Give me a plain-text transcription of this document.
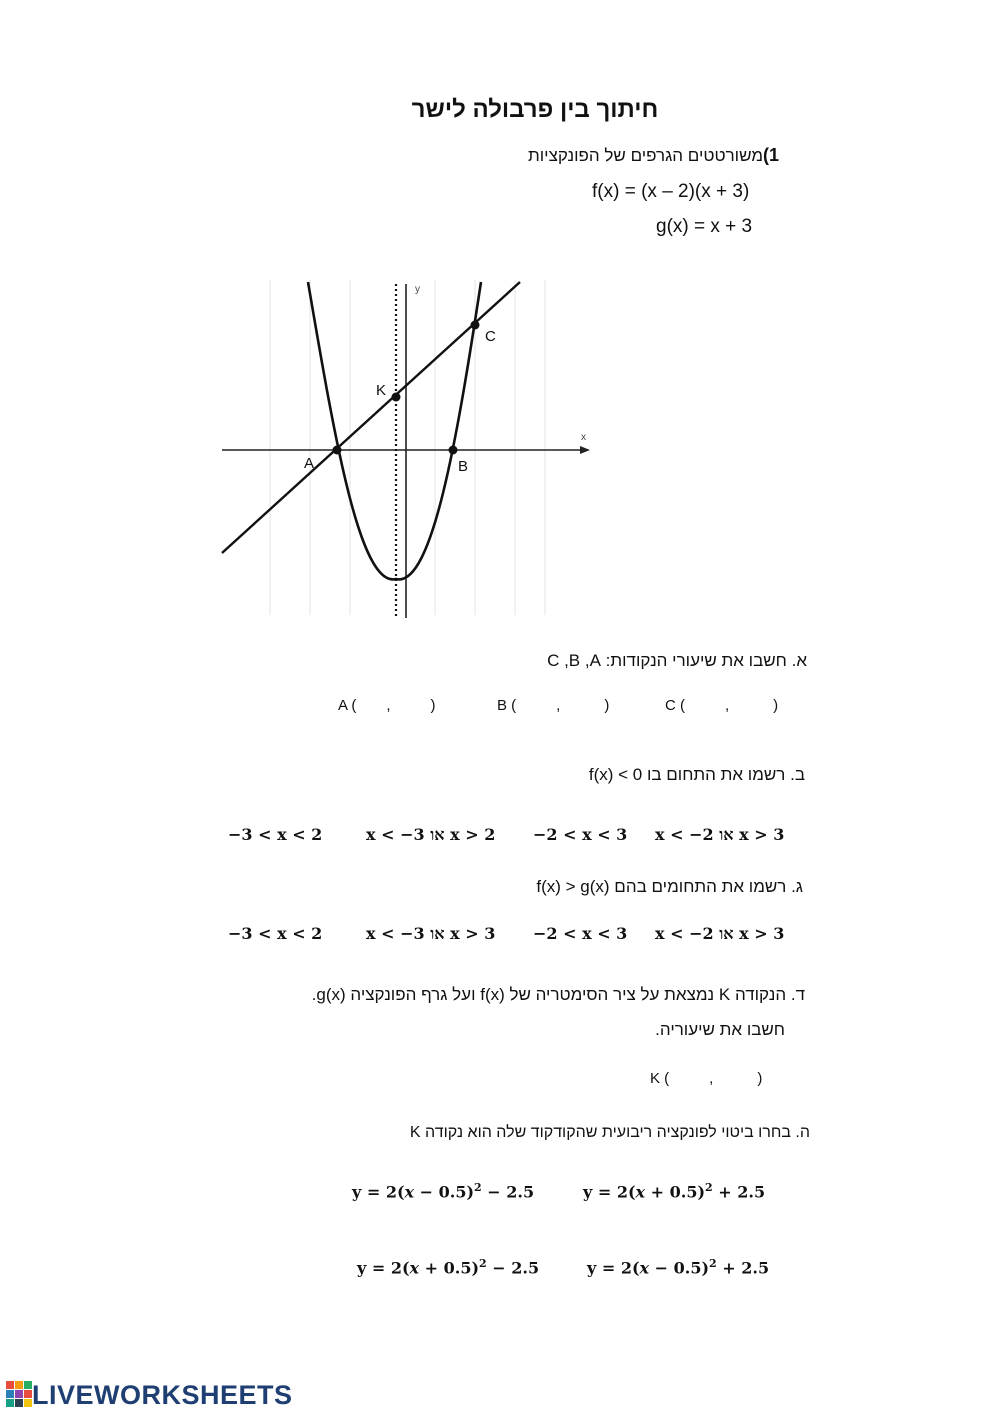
חיתוך בין פרבולה לישר
1)משורטטים הגרפים של הפונקציות
f(x) = (x – 2)(x + 3)
g(x) = x + 3
x
y
A	B
K
C
א. חשבו את שיעורי הנקודות: C ,B ,A
A ( ,	)	B (	,	)	C (	,	)
ב. רשמו את התחום בו f(x) < 0
−3 < x < 2	x < −3 או x > 2 −2 < x < 3 x < −2 או x > 3
ג. רשמו את התחומים בהם f(x) > g(x)
−3 < x < 2	x < −3 או x > 3 −2 < x < 3 x < −2 או x > 3
ד. הנקודה K נמצאת על ציר הסימטריה של f(x) ועל גרף הפונקציה g(x).
חשבו את שיעוריה.
K (	,	)
ה. בחרו ביטוי לפונקציה ריבועית שהקודקוד שלה הוא נקודה K
$y = 2(x - 0.5)^2 - 2.5$	$y = 2(x + 0.5)^2 + 2.5$
$y = 2(x + 0.5)^2 - 2.5$	$y = 2(x - 0.5)^2 + 2.5$
LIVEWORKSHEETS
